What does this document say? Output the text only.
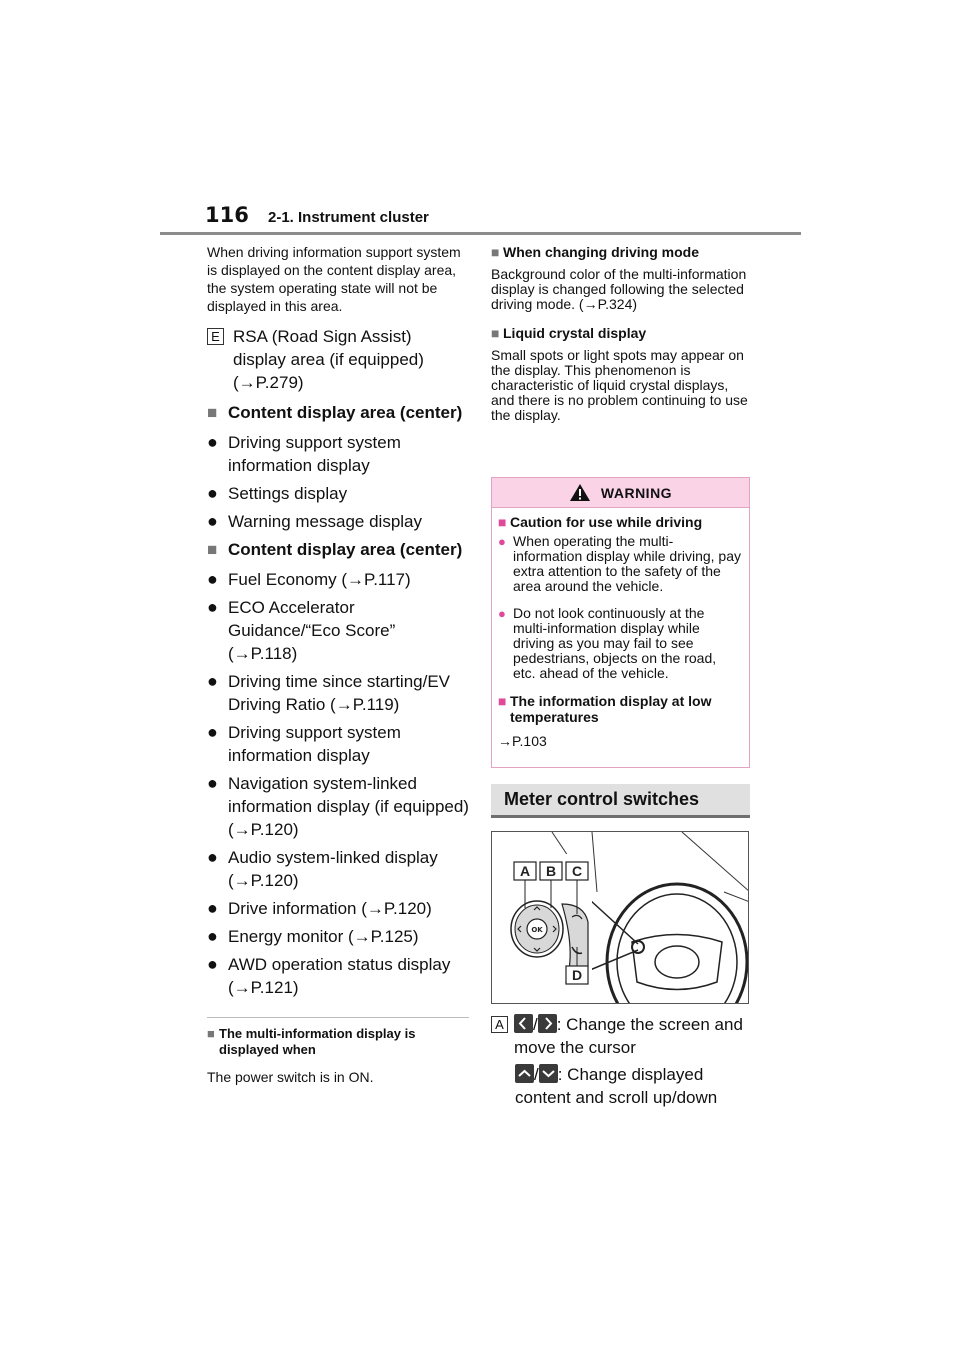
116	2-1. Instrument cluster

When driving information support system is displayed on the content display area, the system operating state will not be displayed in this area.

E RSA (Road Sign Assist) display area (if equipped) (→P.279)
■ Content display area (center)
● Driving support system information display
● Settings display
● Warning message display
■ Content display area (center)
● Fuel Economy (→P.117)
● ECO Accelerator Guidance/“Eco Score” (→P.118)
● Driving time since starting/EV Driving Ratio (→P.119)
● Driving support system information display
● Navigation system-linked information display (if equipped) (→P.120)
● Audio system-linked display (→P.120)
● Drive information (→P.120)
● Energy monitor (→P.125)
● AWD operation status display (→P.121)
■ The multi-information display is displayed when

The power switch is in ON.

■ When changing driving mode

Background color of the multi-information display is changed following the selected driving mode. (→P.324)

■ Liquid crystal display

Small spots or light spots may appear on the display. This phenomenon is characteristic of liquid crystal displays, and there is no problem continuing to use the display.

WARNING
■ Caution for use while driving
● When operating the multi-information display while driving, pay extra attention to the safety of the area around the vehicle.
● Do not look continuously at the multi-information display while driving as you may fail to see pedestrians, objects on the road, etc. ahead of the vehicle.
■ The information display at low temperatures

→P.103

Meter control switches
OK
A B C
D
A	/ : Change the screen and move the cursor
/ : Change displayed content and scroll up/down
